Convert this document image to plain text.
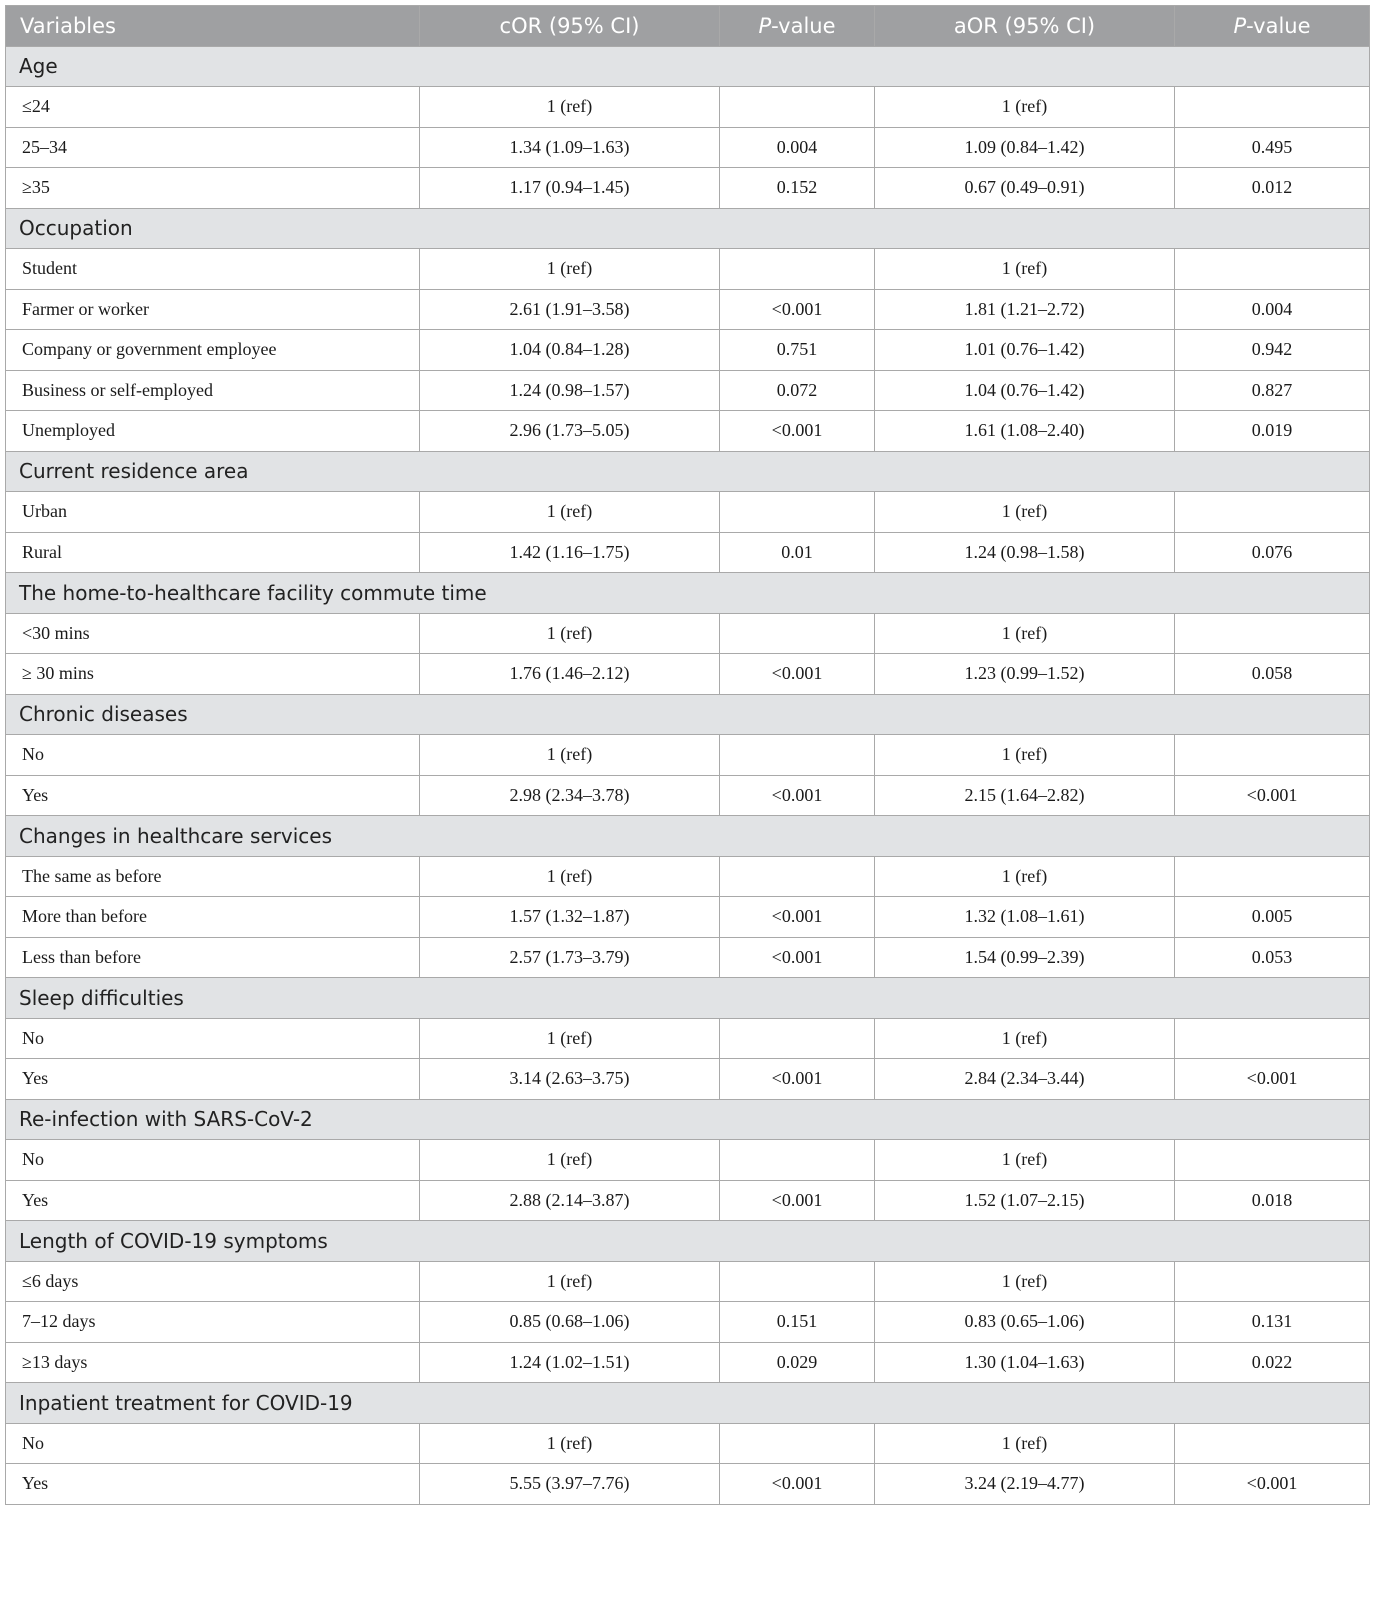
Variables	cOR (95% CI)	P-value	aOR (95% CI)	P-value
Age				
≤24	1 (ref)		1 (ref)	
25–34	1.34 (1.09–1.63)	0.004	1.09 (0.84–1.42)	0.495
≥35	1.17 (0.94–1.45)	0.152	0.67 (0.49–0.91)	0.012
Occupation				
Student	1 (ref)		1 (ref)	
Farmer or worker	2.61 (1.91–3.58)	<0.001	1.81 (1.21–2.72)	0.004
Company or government employee	1.04 (0.84–1.28)	0.751	1.01 (0.76–1.42)	0.942
Business or self-employed	1.24 (0.98–1.57)	0.072	1.04 (0.76–1.42)	0.827
Unemployed	2.96 (1.73–5.05)	<0.001	1.61 (1.08–2.40)	0.019
Current residence area				
Urban	1 (ref)		1 (ref)	
Rural	1.42 (1.16–1.75)	0.01	1.24 (0.98–1.58)	0.076
The home-to-healthcare facility commute time				
<30 mins	1 (ref)		1 (ref)	
≥ 30 mins	1.76 (1.46–2.12)	<0.001	1.23 (0.99–1.52)	0.058
Chronic diseases				
No	1 (ref)		1 (ref)	
Yes	2.98 (2.34–3.78)	<0.001	2.15 (1.64–2.82)	<0.001
Changes in healthcare services				
The same as before	1 (ref)		1 (ref)	
More than before	1.57 (1.32–1.87)	<0.001	1.32 (1.08–1.61)	0.005
Less than before	2.57 (1.73–3.79)	<0.001	1.54 (0.99–2.39)	0.053
Sleep difficulties				
No	1 (ref)		1 (ref)	
Yes	3.14 (2.63–3.75)	<0.001	2.84 (2.34–3.44)	<0.001
Re-infection with SARS-CoV-2				
No	1 (ref)		1 (ref)	
Yes	2.88 (2.14–3.87)	<0.001	1.52 (1.07–2.15)	0.018
Length of COVID-19 symptoms				
≤6 days	1 (ref)		1 (ref)	
7–12 days	0.85 (0.68–1.06)	0.151	0.83 (0.65–1.06)	0.131
≥13 days	1.24 (1.02–1.51)	0.029	1.30 (1.04–1.63)	0.022
Inpatient treatment for COVID-19				
No	1 (ref)		1 (ref)	
Yes	5.55 (3.97–7.76)	<0.001	3.24 (2.19–4.77)	<0.001
